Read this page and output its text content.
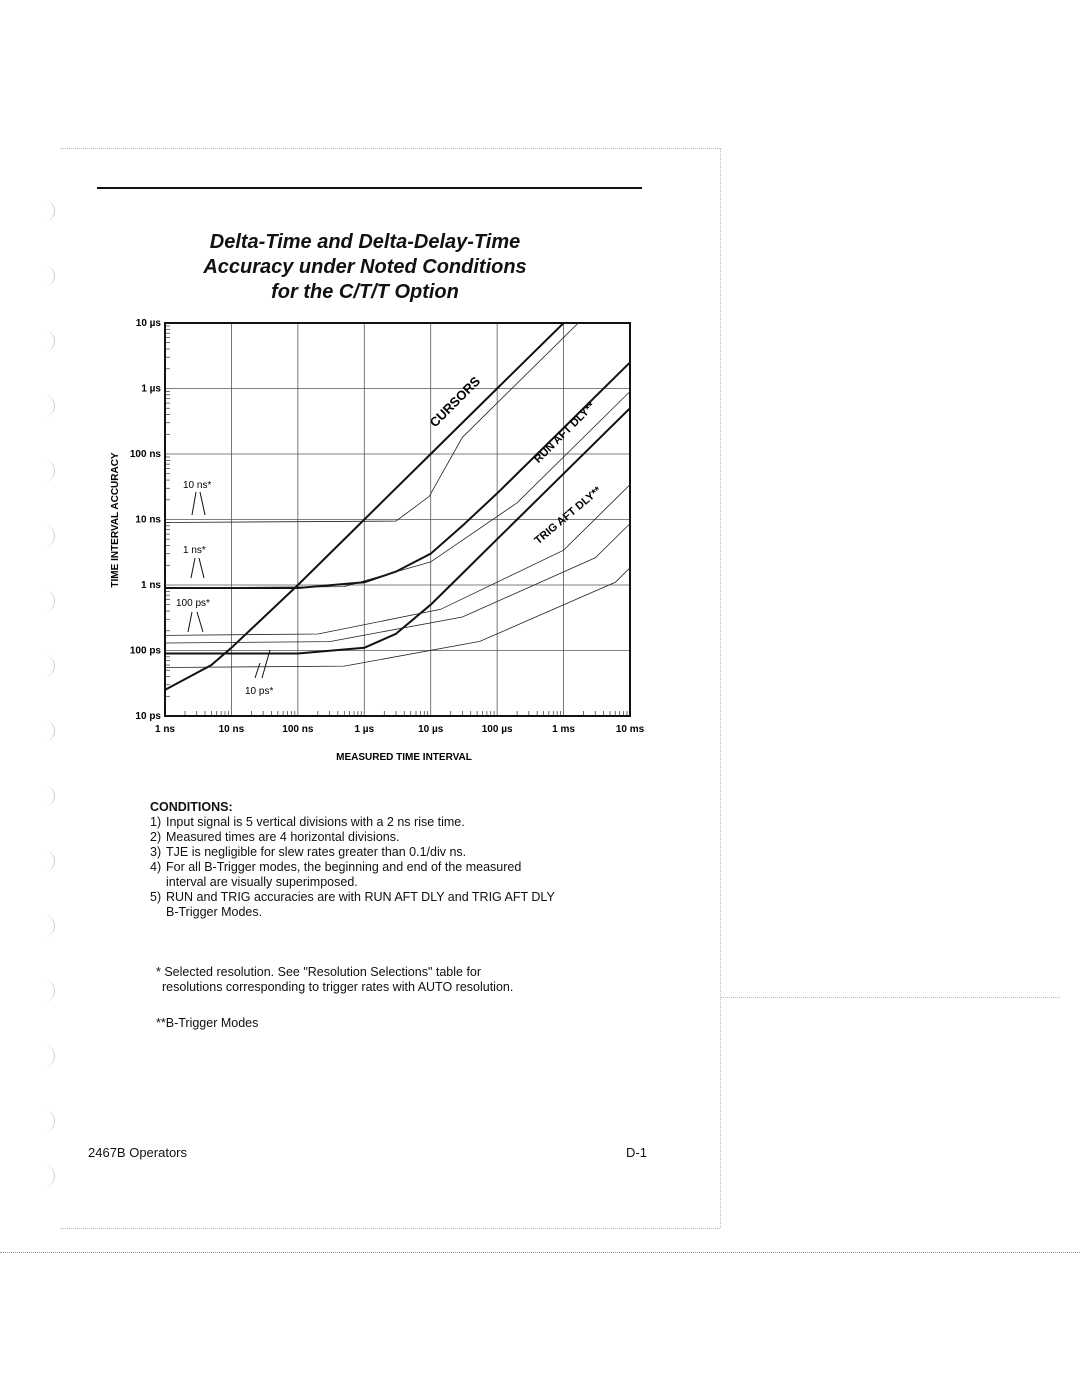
Delta-Time and Delta-Delay-Time
Accuracy under Noted Conditions
for the C/T/T Option
10 µs
1 µs
100 ns
10 ns
1 ns
100 ps
10 ps
1 ns	10 ns	100 ns	1 µs	10 µs	100 µs	1 ms	10 ms
CURSORS	RUN AFT DLY**
TRIG AFT DLY**
10 ns*
1 ns*
100 ps*
10 ps*
MEASURED TIME INTERVAL
TIME INTERVAL ACCURACY
CONDITIONS:
1) Input signal is 5 vertical divisions with a 2 ns rise time.
2) Measured times are 4 horizontal divisions.
3) TJE is negligible for slew rates greater than 0.1/div ns.
4) For all B-Trigger modes, the beginning and end of the measured
interval are visually superimposed.
5) RUN and TRIG accuracies are with RUN AFT DLY and TRIG AFT DLY
B-Trigger Modes.
* Selected resolution. See "Resolution Selections" table for
resolutions corresponding to trigger rates with AUTO resolution.
**B-Trigger Modes
2467B Operators	D-1
